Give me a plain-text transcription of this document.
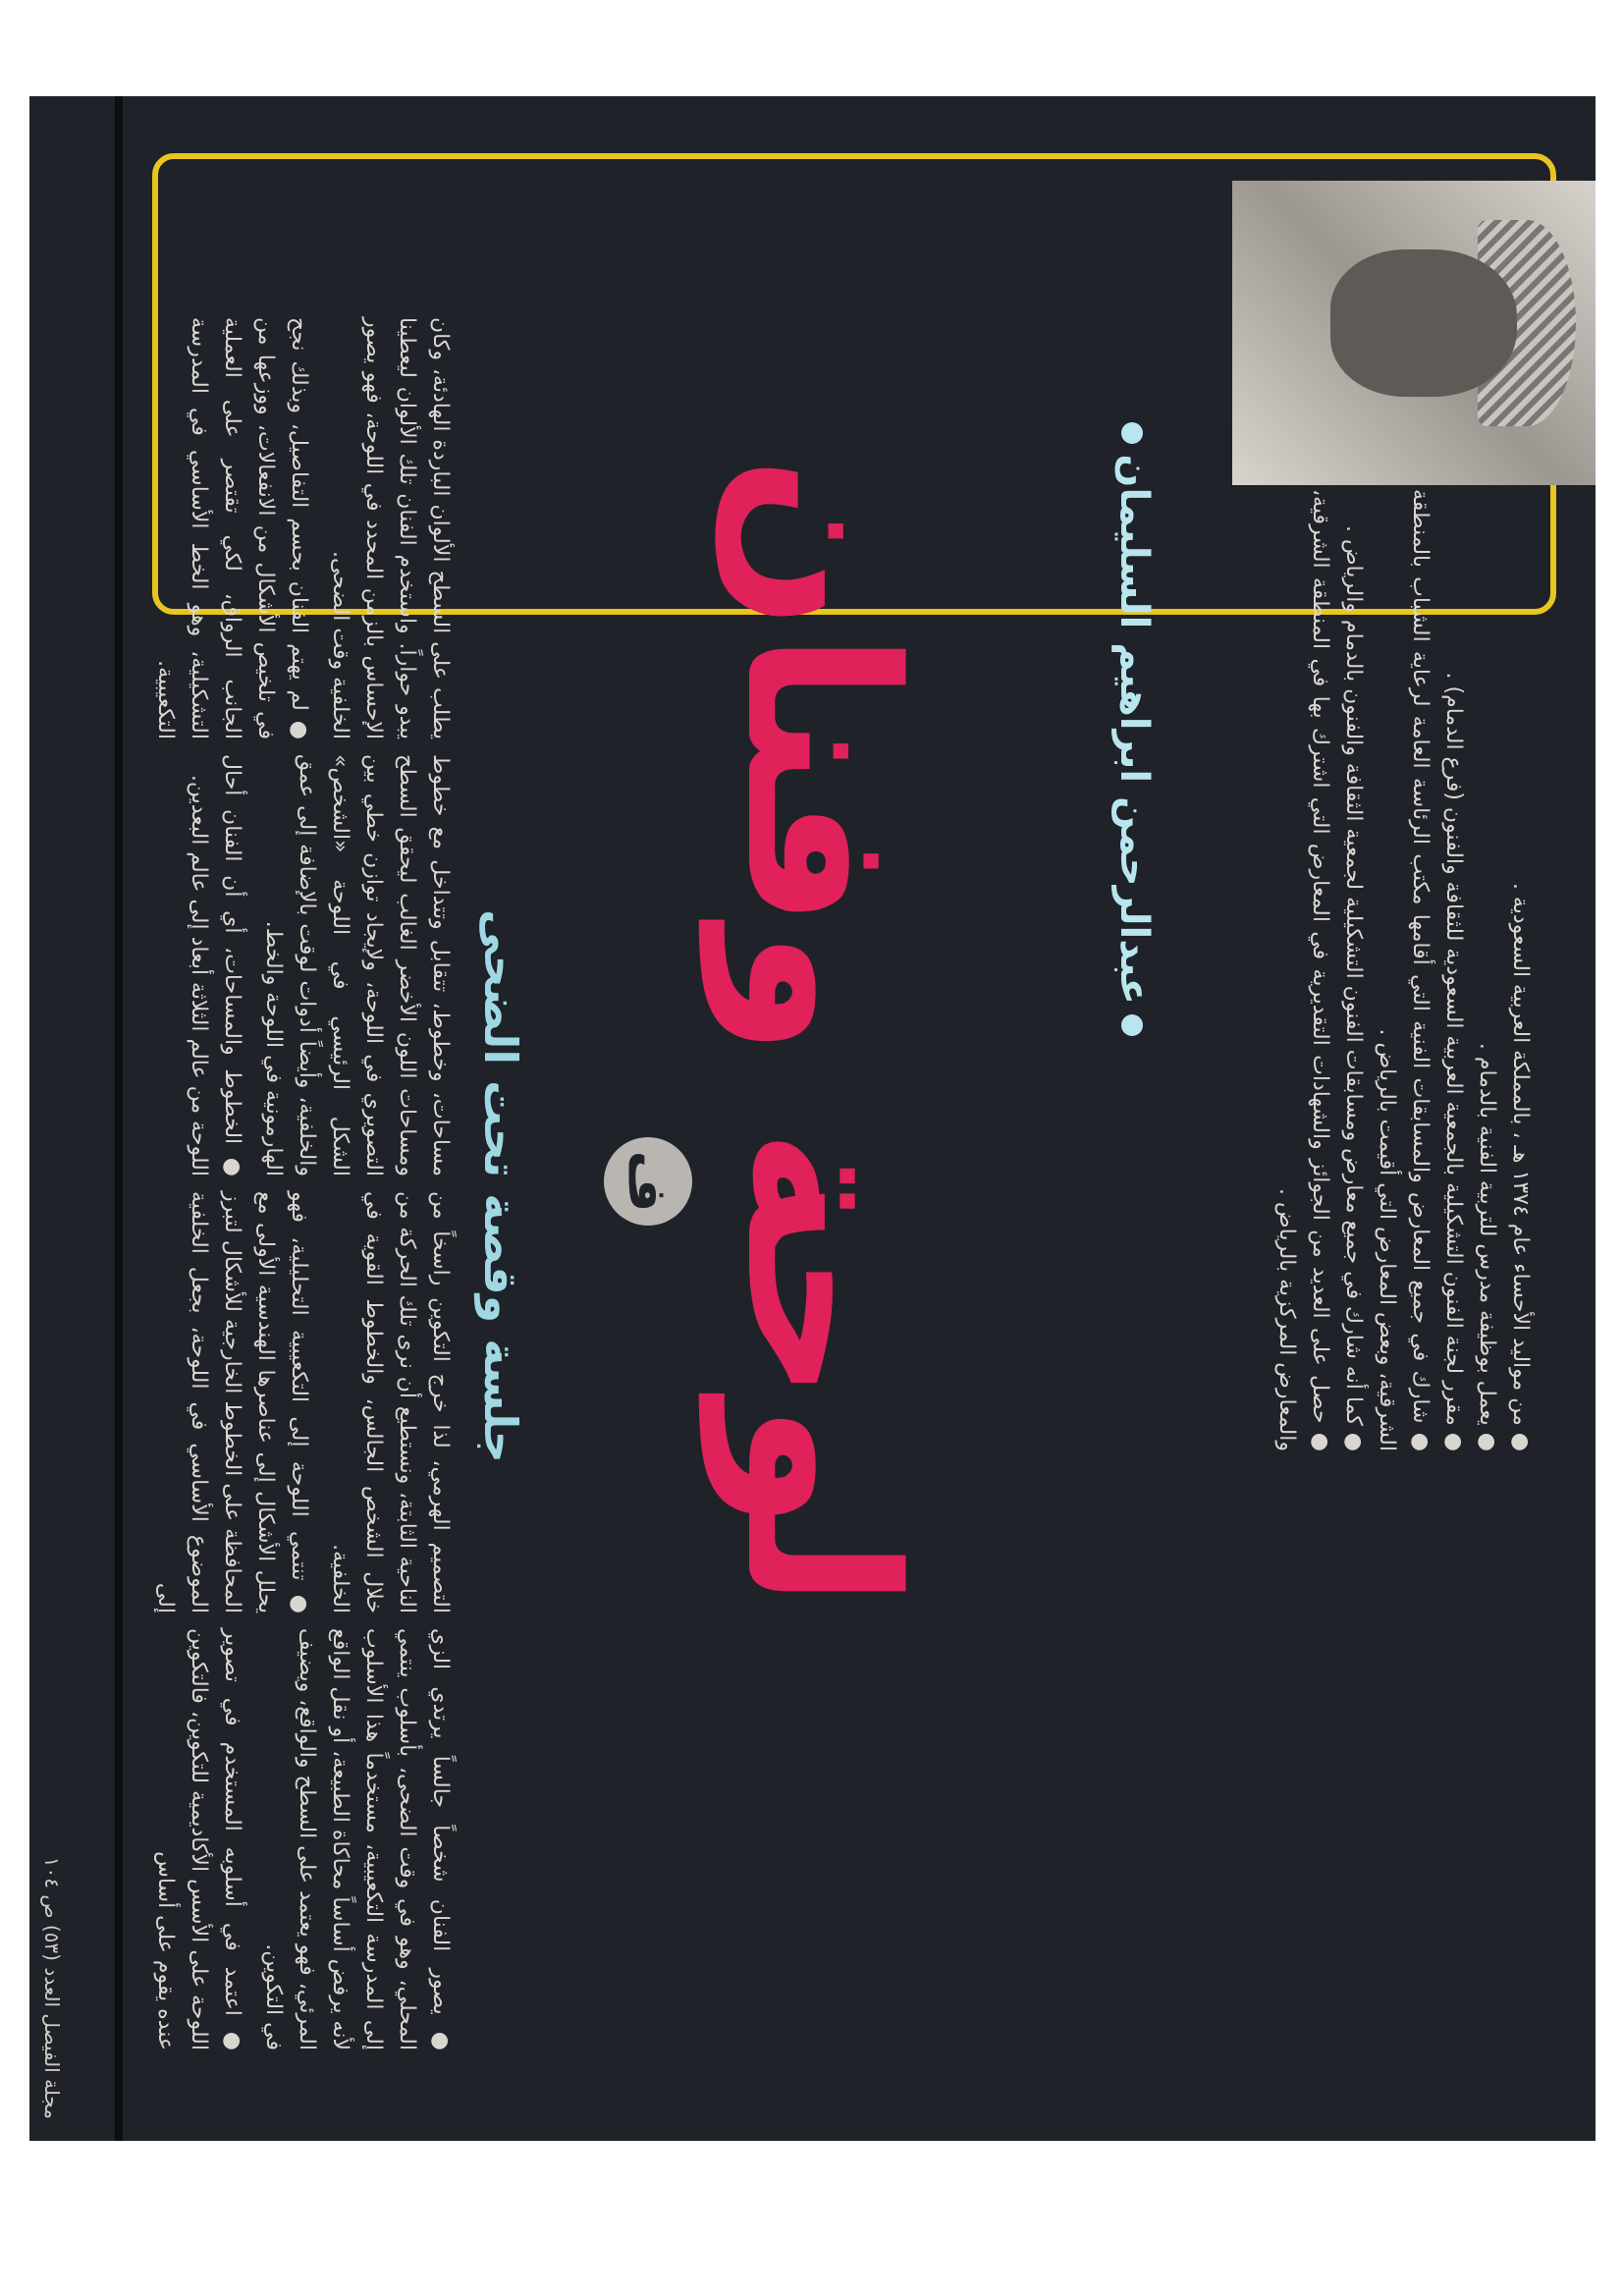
● من مواليد الأحساء عام ١٣٧٤ هـ ، بالمملكة العربية السعودية .
● يعمل بوظيفة مدرس للتربية الفنية بالدمام .
● مقرر لجنة الفنون التشكيلية بالجمعية العربية السعودية للثقافة والفنون (فرع الدمام) .
● شارك في جميع المعارض والمسابقات الفنية التي أقامها مكتب الرئاسة العامة لرعاية الشباب بالمنطقة الشرقية، وبعض المعارض التي أقيمت بالرياض .
● كما أنه شارك في جميع معارض ومسابقات الفنون التشكيلية لجمعية الثقافة والفنون بالدمام والرياض .
● حصل على العديد من الجوائز والشهادات التقديرية في المعارض التي اشترك بها في المنطقة الشرقية، والمعارض المركزية بالرياض .
عبدالرحمن ابراهيم السليمان
لوحة وفنان
ف
جلسة وقصة تحت الضحى

● يصور الفنان شخصاً جالساً يرتدي الزي المحلي، وهو في وقت الضحى، بأسلوب ينتمي إلى المدرسة التكعيبية، مستخدماً هذا الأسلوب لأنه يرفض أساساً محاكاة الطبيعة، أو نقل الواقع المرئي، فهو يعتمد على السطح والواقع، ويضيف في التكوين.

● اعتمد في أسلوبه المستخدم في تصوير اللوحة على الأسس الأكاديمية للتكوين، فالتكوين عنده يقوم على أساس

التصميم الهرمي، لذا خرج التكوين راسخاً من الناحية الثابتة، ونستطيع أن نرى تلك الحركة من خلال الشخص الجالس، والخطوط القوية في الخلفية.

● تنتمي اللوحة إلى التكعيبية التحليلية، فهو يحلل الأشكال إلى عناصرها الهندسية الأولى مع المحافظة على الخطوط الخارجية للأشكال لتبرز الموضوع الأساسي في اللوحة، بجعل الخلفية إلى

مساحات، وخطوط، تتقابل وتتداخل مع خطوط ومساحات اللون الأخضر الغالب ليحقق السطح التصويري في اللوحة، ولإيجاد توازن خطي بين الشكل الرئيسي في اللوحة «الشخص» والخلفية، وأيضاً أدوات لوقت بالإضافة إلى عمق الهارمونية في اللوحة والخط.

● الخطوط والمساحات، أي أن الفنان أحال اللوحة من عالم الثلاثة أبعاد إلى عالم البعدين.

يطلب على السطح الألوان الباردة الهادئة، وكان يبدو حواراً. واستخدم الفنان تلك الألوان ليعطينا الإحساس بالزمن المحدد في اللوحة، فهو يصور الخلفية وقت الضحى.

● لم يهتم الفنان بحسم التفاصيل، وبذلك نجح في تلخيص الأشكال من الانفعالات، ووزعها من الجانب الرواق، لكي تقتصر على العملية التشكيلية، وهو الخط الأساسي في المدرسة التكعيبية.

مجلة الفيصل العدد (٥٣) ص ١٠٤
